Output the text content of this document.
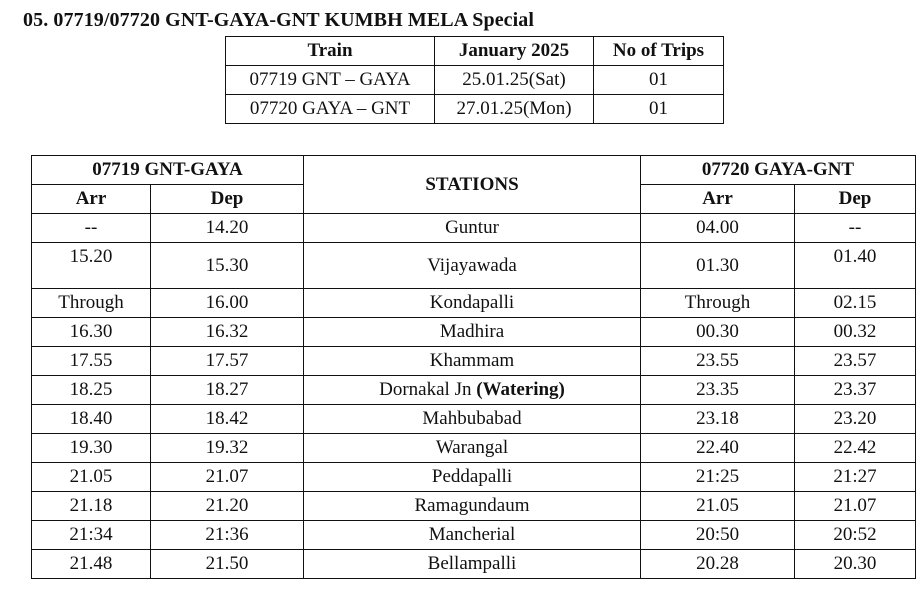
05. 07719/07720 GNT-GAYA-GNT KUMBH MELA Special
Train	January 2025	No of Trips
07719 GNT – GAYA	25.01.25(Sat)	01
07720 GAYA – GNT	27.01.25(Mon)	01
07719 GNT-GAYA		STATIONS	07720 GAYA-GNT	
Arr	Dep		Arr	Dep
--	14.20	Guntur	04.00	--
15.20	15.30	Vijayawada	01.30	01.40
Through	16.00	Kondapalli	Through	02.15
16.30	16.32	Madhira	00.30	00.32
17.55	17.57	Khammam	23.55	23.57
18.25	18.27	Dornakal Jn (Watering)	23.35	23.37
18.40	18.42	Mahbubabad	23.18	23.20
19.30	19.32	Warangal	22.40	22.42
21.05	21.07	Peddapalli	21:25	21:27
21.18	21.20	Ramagundaum	21.05	21.07
21:34	21:36	Mancherial	20:50	20:52
21.48	21.50	Bellampalli	20.28	20.30
